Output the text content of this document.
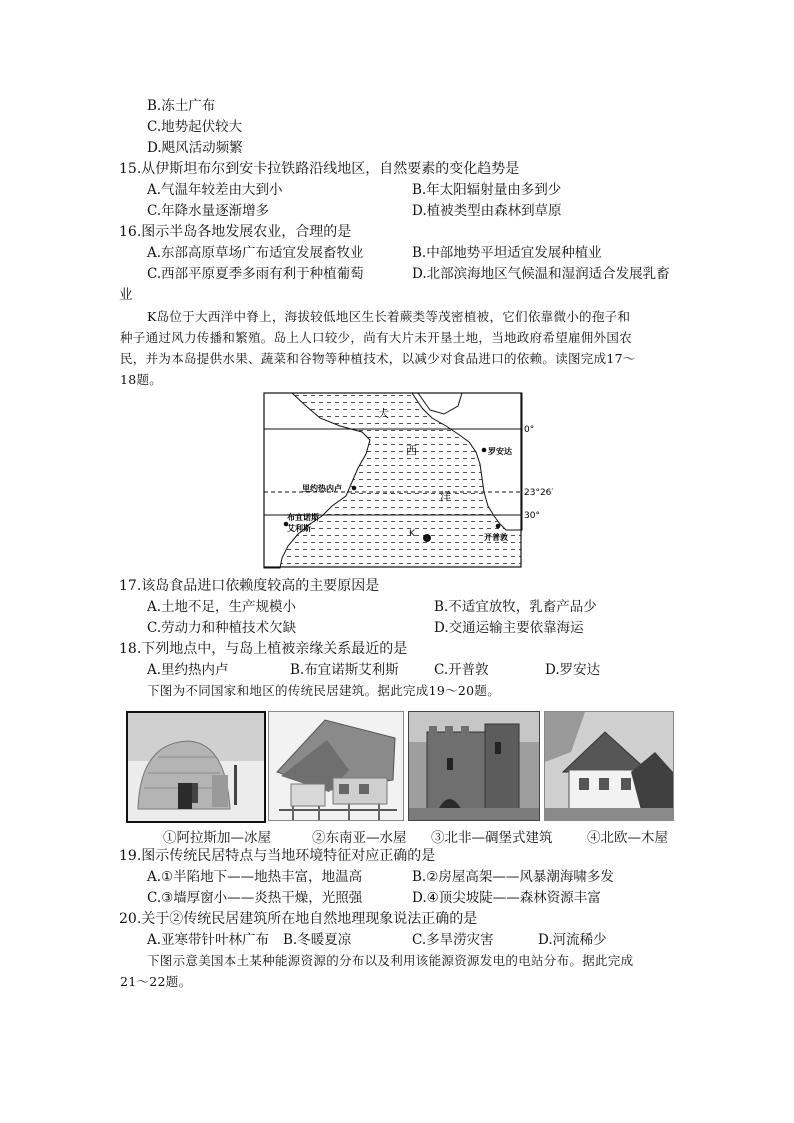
B.冻土广布
C.地势起伏较大
D.飓风活动频繁
15.从伊斯坦布尔到安卡拉铁路沿线地区，自然要素的变化趋势是
A.气温年较差由大到小	B.年太阳辐射量由多到少
C.年降水量逐渐增多	D.植被类型由森林到草原
16.图示半岛各地发展农业，合理的是
A.东部高原草场广布适宜发展畜牧业	B.中部地势平坦适宜发展种植业
C.西部平原夏季多雨有利于种植葡萄	D.北部滨海地区气候温和湿润适合发展乳畜
业
K岛位于大西洋中脊上，海拔较低地区生长着蕨类等茂密植被，它们依靠微小的孢子和
种子通过风力传播和繁殖。岛上人口较少，尚有大片未开垦土地，当地政府希望雇佣外国农
民，并为本岛提供水果、蔬菜和谷物等种植技术，以减少对食品进口的依赖。读图完成17～
18题。
大
西
洋
0°
23°26′
30°
罗安达
里约热内卢
布宜诺斯
艾利斯
开普敦
K
17.该岛食品进口依赖度较高的主要原因是
A.土地不足，生产规模小	B.不适宜放牧，乳畜产品少
C.劳动力和种植技术欠缺	D.交通运输主要依靠海运
18.下列地点中，与岛上植被亲缘关系最近的是
A.里约热内卢	B.布宜诺斯艾利斯	C.开普敦	D.罗安达
下图为不同国家和地区的传统民居建筑。据此完成19～20题。
①阿拉斯加—冰屋	②东南亚—水屋 ③北非—碉堡式建筑	④北欧—木屋
19.图示传统民居特点与当地环境特征对应正确的是
A.①半陷地下——地热丰富，地温高	B.②房屋高架——风暴潮海啸多发
C.③墙厚窗小——炎热干燥，光照强	D.④顶尖坡陡——森林资源丰富
20.关于②传统民居建筑所在地自然地理现象说法正确的是
A.亚寒带针叶林广布 B.冬暖夏凉	C.多旱涝灾害	D.河流稀少
下图示意美国本土某种能源资源的分布以及利用该能源资源发电的电站分布。据此完成
21～22题。
